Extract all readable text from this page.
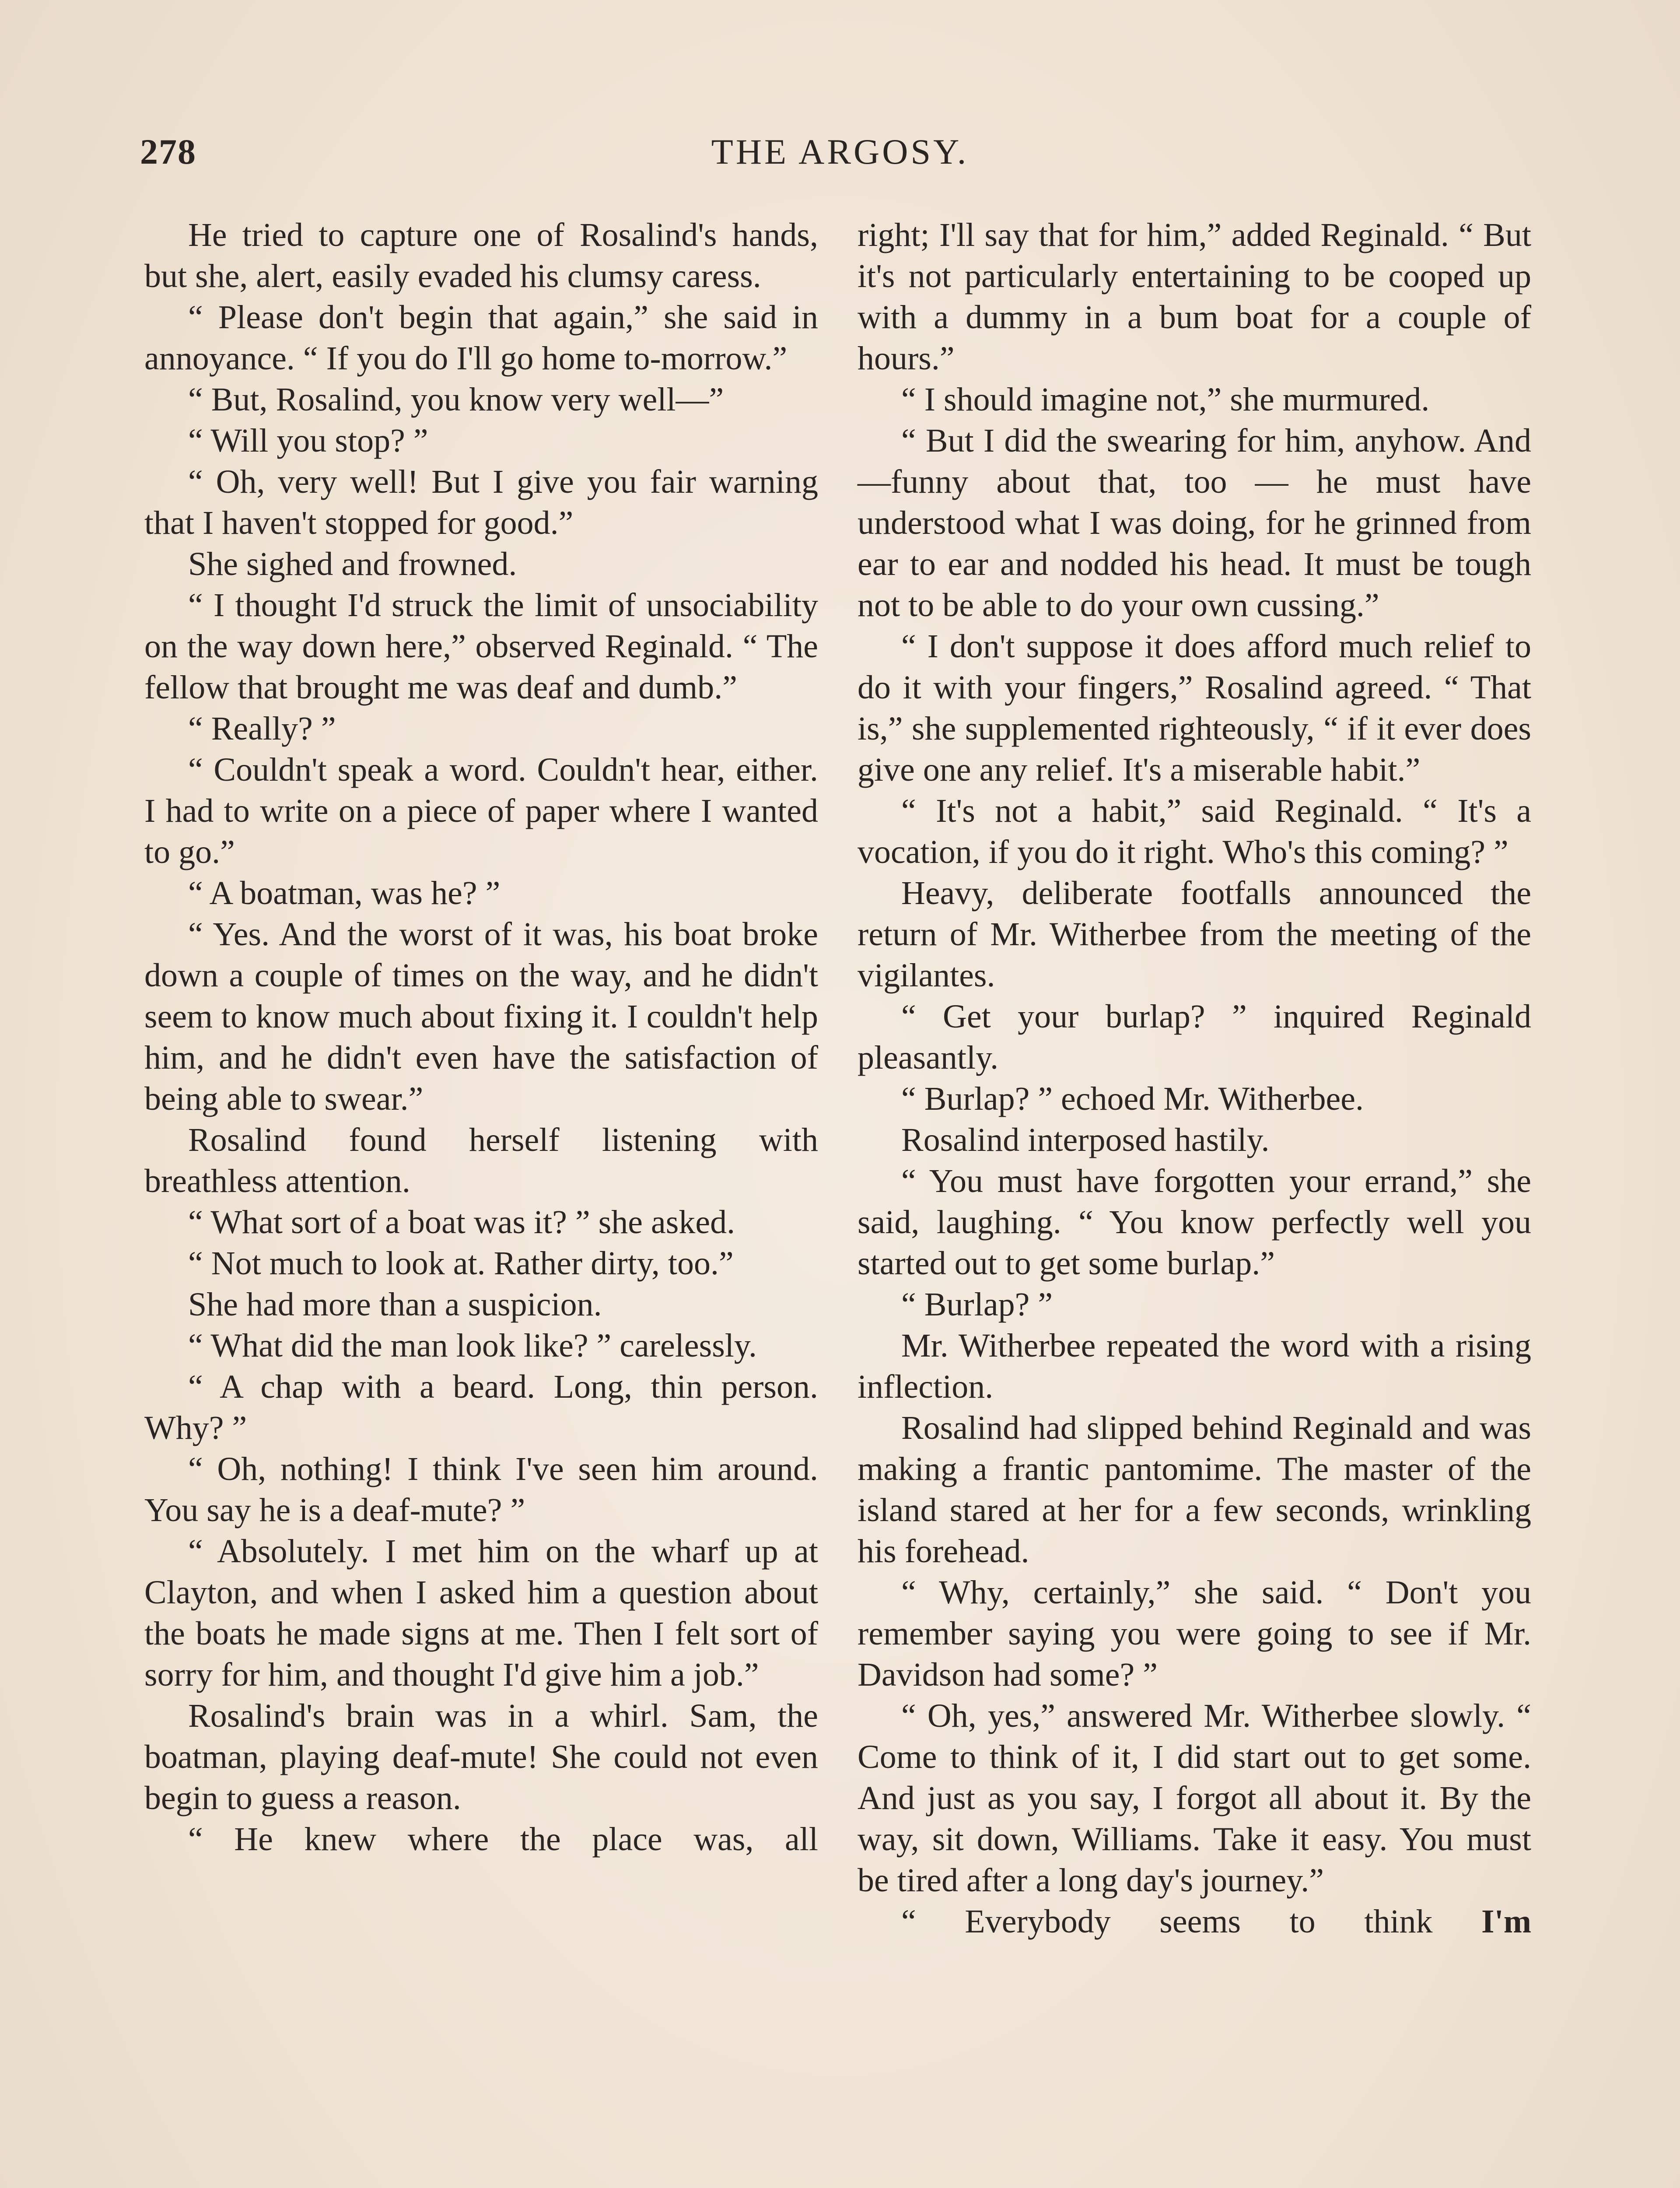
278	THE ARGOSY.

He tried to capture one of Rosalind's hands, but she, alert, easily evaded his clumsy caress.

“ Please don't begin that again,” she said in annoyance. “ If you do I'll go home to-morrow.”

“ But, Rosalind, you know very well—”

“ Will you stop? ”

“ Oh, very well! But I give you fair warning that I haven't stopped for good.”

She sighed and frowned.

“ I thought I'd struck the limit of unsociability on the way down here,” observed Reginald. “ The fellow that brought me was deaf and dumb.”

“ Really? ”

“ Couldn't speak a word. Couldn't hear, either. I had to write on a piece of paper where I wanted to go.”

“ A boatman, was he? ”

“ Yes. And the worst of it was, his boat broke down a couple of times on the way, and he didn't seem to know much about fixing it. I couldn't help him, and he didn't even have the satisfaction of being able to swear.”

Rosalind found herself listening with breathless attention.

“ What sort of a boat was it? ” she asked.

“ Not much to look at. Rather dirty, too.”

She had more than a suspicion.

“ What did the man look like? ” carelessly.

“ A chap with a beard. Long, thin person. Why? ”

“ Oh, nothing! I think I've seen him around. You say he is a deaf-mute? ”

“ Absolutely. I met him on the wharf up at Clayton, and when I asked him a question about the boats he made signs at me. Then I felt sort of sorry for him, and thought I'd give him a job.”

Rosalind's brain was in a whirl. Sam, the boatman, playing deaf-mute! She could not even begin to guess a reason.

“ He knew where the place was, all

right; I'll say that for him,” added Reginald. “ But it's not particularly entertaining to be cooped up with a dummy in a bum boat for a couple of hours.”

“ I should imagine not,” she murmured.

“ But I did the swearing for him, anyhow. And—funny about that, too — he must have understood what I was doing, for he grinned from ear to ear and nodded his head. It must be tough not to be able to do your own cussing.”

“ I don't suppose it does afford much relief to do it with your fingers,” Rosalind agreed. “ That is,” she supplemented righteously, “ if it ever does give one any relief. It's a miserable habit.”

“ It's not a habit,” said Reginald. “ It's a vocation, if you do it right. Who's this coming? ”

Heavy, deliberate footfalls announced the return of Mr. Witherbee from the meeting of the vigilantes.

“ Get your burlap? ” inquired Reginald pleasantly.

“ Burlap? ” echoed Mr. Witherbee.

Rosalind interposed hastily.

“ You must have forgotten your errand,” she said, laughing. “ You know perfectly well you started out to get some burlap.”

“ Burlap? ”

Mr. Witherbee repeated the word with a rising inflection.

Rosalind had slipped behind Reginald and was making a frantic pantomime. The master of the island stared at her for a few seconds, wrinkling his forehead.

“ Why, certainly,” she said. “ Don't you remember saying you were going to see if Mr. Davidson had some? ”

“ Oh, yes,” answered Mr. Witherbee slowly. “ Come to think of it, I did start out to get some. And just as you say, I forgot all about it. By the way, sit down, Williams. Take it easy. You must be tired after a long day's journey.”

“ Everybody seems to think I'm
